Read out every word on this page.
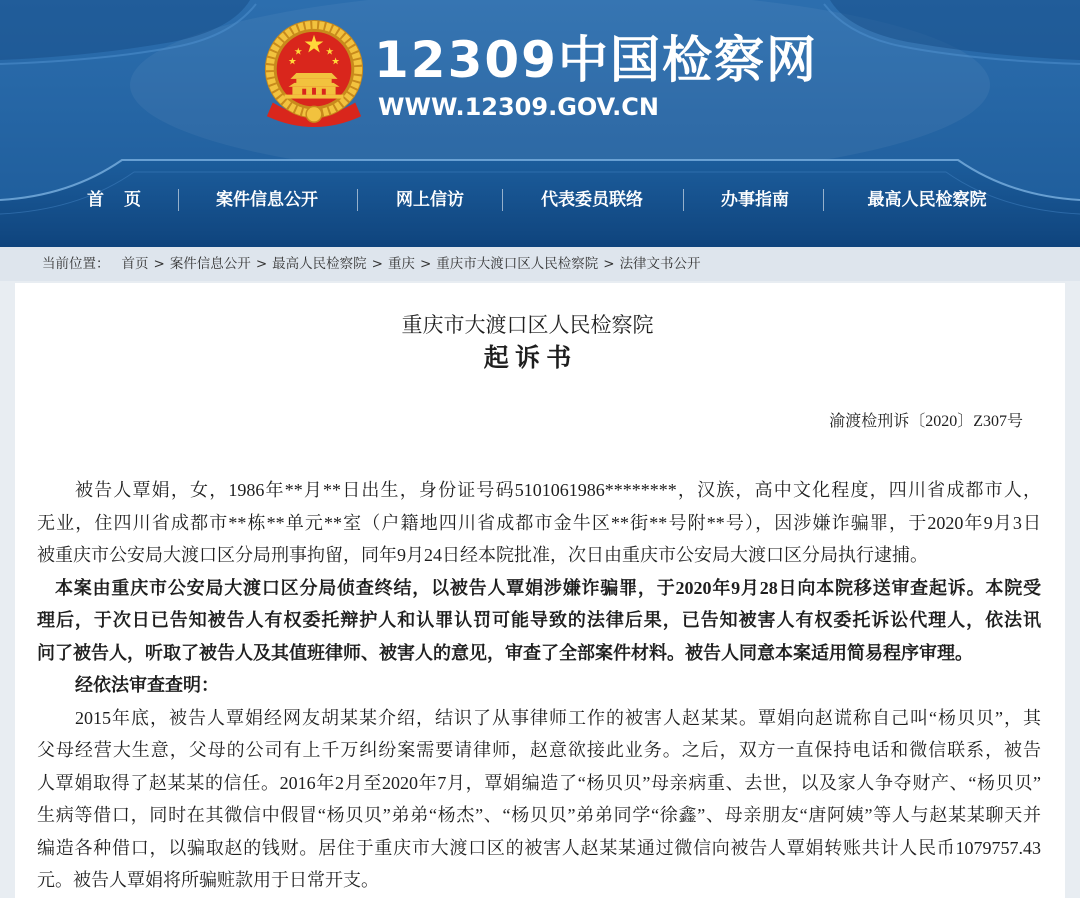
12309中国检察网
WWW.12309.GOV.CN
首 页	案件信息公开	网上信访	代表委员联络	办事指南	最高人民检察院
当前位置： 首页 > 案件信息公开 > 最高人民检察院 > 重庆 > 重庆市大渡口区人民检察院 > 法律文书公开
重庆市大渡口区人民检察院
起 诉 书
渝渡检刑诉〔2020〕Z307号
被告人覃娟，女，1986年**月**日出生，身份证号码5101061986********，汉族，高中文化程度，四川省成都市人，
无业，住四川省成都市**栋**单元**室（户籍地四川省成都市金牛区**街**号附**号），因涉嫌诈骗罪，于2020年9月3日
被重庆市公安局大渡口区分局刑事拘留，同年9月24日经本院批准，次日由重庆市公安局大渡口区分局执行逮捕。
本案由重庆市公安局大渡口区分局侦查终结，以被告人覃娟涉嫌诈骗罪，于2020年9月28日向本院移送审查起诉。本院受
理后，于次日已告知被告人有权委托辩护人和认罪认罚可能导致的法律后果，已告知被害人有权委托诉讼代理人，依法讯
问了被告人，听取了被告人及其值班律师、被害人的意见，审查了全部案件材料。被告人同意本案适用简易程序审理。
经依法审查查明：
2015年底，被告人覃娟经网友胡某某介绍，结识了从事律师工作的被害人赵某某。覃娟向赵谎称自己叫“杨贝贝”，其
父母经营大生意，父母的公司有上千万纠纷案需要请律师，赵意欲接此业务。之后，双方一直保持电话和微信联系，被告
人覃娟取得了赵某某的信任。2016年2月至2020年7月，覃娟编造了“杨贝贝”母亲病重、去世，以及家人争夺财产、“杨贝贝”
生病等借口，同时在其微信中假冒“杨贝贝”弟弟“杨杰”、“杨贝贝”弟弟同学“徐鑫”、母亲朋友“唐阿姨”等人与赵某某聊天并
编造各种借口，以骗取赵的钱财。居住于重庆市大渡口区的被害人赵某某通过微信向被告人覃娟转账共计人民币1079757.43
元。被告人覃娟将所骗赃款用于日常开支。
